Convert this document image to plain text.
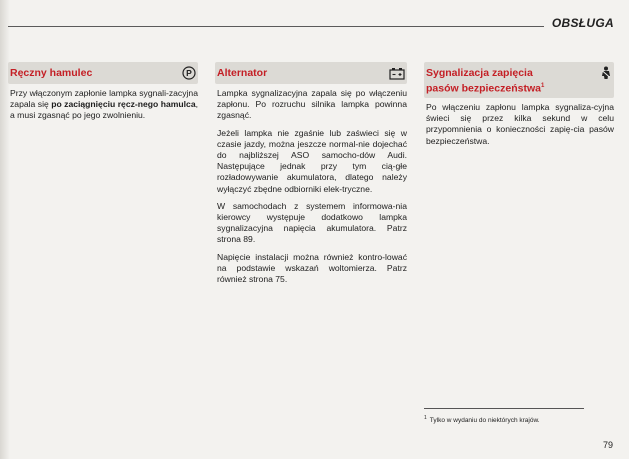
OBSŁUGA
Ręczny hamulec	P
Przy włączonym zapłonie lampka sygnali-zacyjna zapala się po zaciągnięciu ręcz-nego hamulca, a musi zgasnąć po jego zwolnieniu.
Alternator
Lampka sygnalizacyjna zapala się po włączeniu zapłonu. Po rozruchu silnika lampka powinna zgasnąć.
Jeżeli lampka nie zgaśnie lub zaświeci się w czasie jazdy, można jeszcze normal-nie dojechać do najbliższej ASO samocho-dów Audi. Następujące jednak przy tym cią-głe rozładowywanie akumulatora, dlatego należy wyłączyć zbędne odbiorniki elek-tryczne.
W samochodach z systemem informowa-nia kierowcy występuje dodatkowo lampka sygnalizacyjna napięcia akumulatora. Patrz strona 89.
Napięcie instalacji można również kontro-lować na podstawie wskazań woltomierza. Patrz również strona 75.
Sygnalizacja zapięcia
pasów bezpieczeństwa$^1$
Po włączeniu zapłonu lampka sygnaliza-cyjna świeci się przez kilka sekund w celu przypomnienia o konieczności zapię-cia pasów bezpieczeństwa.
$^1$ Tylko w wydaniu do niektórych krajów.
79
